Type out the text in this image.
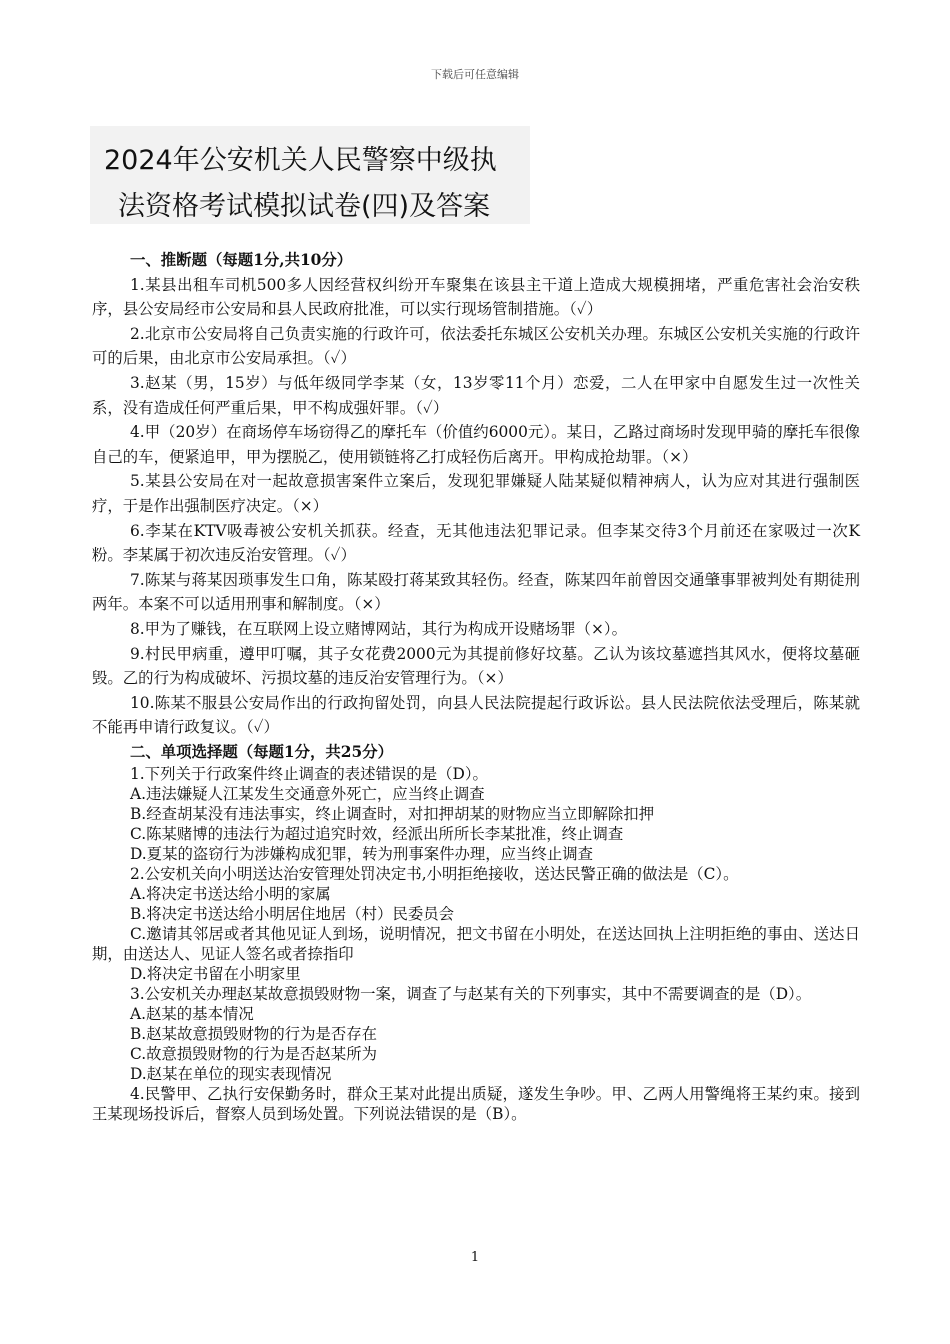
下载后可任意编辑
2024年公安机关人民警察中级执
法资格考试模拟试卷(四)及答案
一、推断题（每题1分,共10分）

1.某县出租车司机500多人因经营权纠纷开车聚集在该县主干道上造成大规模拥堵，严重危害社会治安秩序，县公安局经市公安局和县人民政府批准，可以实行现场管制措施。（✓）

2.北京市公安局将自己负责实施的行政许可，依法委托东城区公安机关办理。东城区公安机关实施的行政许可的后果，由北京市公安局承担。（✓）

3.赵某（男，15岁）与低年级同学李某（女，13岁零11个月）恋爱，二人在甲家中自愿发生过一次性关系，没有造成任何严重后果，甲不构成强奸罪。（✓）

4.甲（20岁）在商场停车场窃得乙的摩托车（价值约6000元）。某日，乙路过商场时发现甲骑的摩托车很像自己的车，便紧追甲，甲为摆脱乙，使用锁链将乙打成轻伤后离开。甲构成抢劫罪。（×）

5.某县公安局在对一起故意损害案件立案后，发现犯罪嫌疑人陆某疑似精神病人，认为应对其进行强制医疗，于是作出强制医疗决定。（×）

6.李某在KTV吸毒被公安机关抓获。经查，无其他违法犯罪记录。但李某交待3个月前还在家吸过一次K粉。李某属于初次违反治安管理。（✓）

7.陈某与蒋某因琐事发生口角，陈某殴打蒋某致其轻伤。经查，陈某四年前曾因交通肇事罪被判处有期徒刑两年。本案不可以适用刑事和解制度。（×）

8.甲为了赚钱，在互联网上设立赌博网站，其行为构成开设赌场罪（×）。

9.村民甲病重，遵甲叮嘱，其子女花费2000元为其提前修好坟墓。乙认为该坟墓遮挡其风水，便将坟墓砸毁。乙的行为构成破坏、污损坟墓的违反治安管理行为。（×）

10.陈某不服县公安局作出的行政拘留处罚，向县人民法院提起行政诉讼。县人民法院依法受理后，陈某就不能再申请行政复议。（✓）

二、单项选择题（每题1分，共25分）

1.下列关于行政案件终止调查的表述错误的是（D）。

A.违法嫌疑人江某发生交通意外死亡，应当终止调查

B.经查胡某没有违法事实，终止调查时，对扣押胡某的财物应当立即解除扣押

C.陈某赌博的违法行为超过追究时效，经派出所所长李某批准，终止调查

D.夏某的盗窃行为涉嫌构成犯罪，转为刑事案件办理，应当终止调查

2.公安机关向小明送达治安管理处罚决定书,小明拒绝接收，送达民警正确的做法是（C）。

A.将决定书送达给小明的家属

B.将决定书送达给小明居住地居（村）民委员会

C.邀请其邻居或者其他见证人到场，说明情况，把文书留在小明处，在送达回执上注明拒绝的事由、送达日期，由送达人、见证人签名或者捺指印

D.将决定书留在小明家里

3.公安机关办理赵某故意损毁财物一案，调查了与赵某有关的下列事实，其中不需要调查的是（D）。

A.赵某的基本情况

B.赵某故意损毁财物的行为是否存在

C.故意损毁财物的行为是否赵某所为

D.赵某在单位的现实表现情况

4.民警甲、乙执行安保勤务时，群众王某对此提出质疑，遂发生争吵。甲、乙两人用警绳将王某约束。接到王某现场投诉后，督察人员到场处置。下列说法错误的是（B）。

1
